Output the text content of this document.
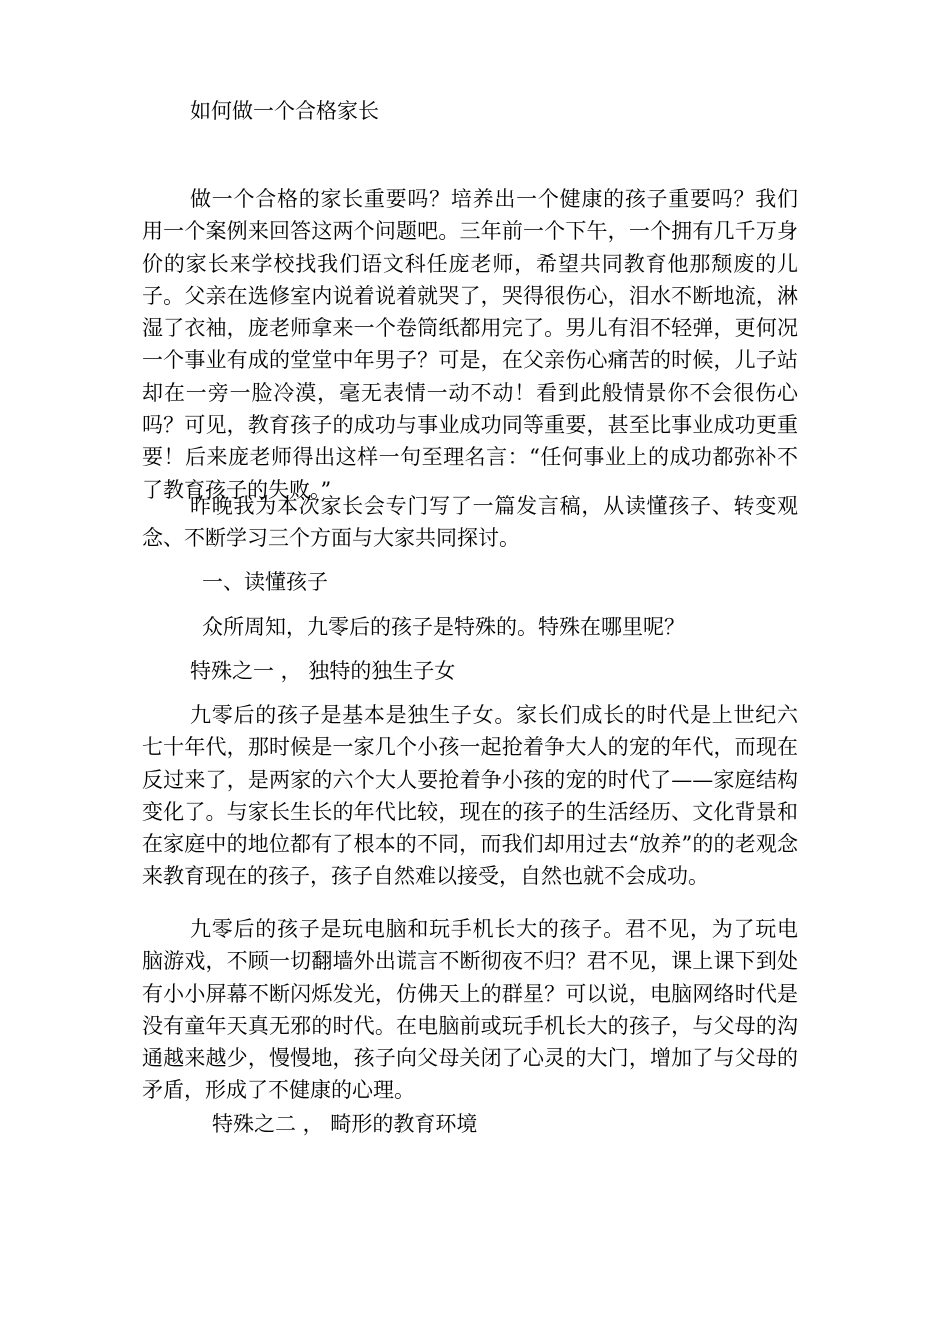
如何做一个合格家长

做一个合格的家长重要吗？培养出一个健康的孩子重要吗？我们用一个案例来回答这两个问题吧。三年前一个下午，一个拥有几千万身价的家长来学校找我们语文科任庞老师，希望共同教育他那颓废的儿子。父亲在选修室内说着说着就哭了，哭得很伤心，泪水不断地流，淋湿了衣袖，庞老师拿来一个卷筒纸都用完了。男儿有泪不轻弹，更何况一个事业有成的堂堂中年男子？可是，在父亲伤心痛苦的时候，儿子站却在一旁一脸冷漠，毫无表情一动不动！看到此般情景你不会很伤心吗？可见，教育孩子的成功与事业成功同等重要，甚至比事业成功更重要！后来庞老师得出这样一句至理名言：“任何事业上的成功都弥补不了教育孩子的失败。”

昨晚我为本次家长会专门写了一篇发言稿，从读懂孩子、转变观念、不断学习三个方面与大家共同探讨。

一、读懂孩子
众所周知，九零后的孩子是特殊的。特殊在哪里呢？
特殊之一 ， 独特的独生子女

九零后的孩子是基本是独生子女。家长们成长的时代是上世纪六七十年代，那时候是一家几个小孩一起抢着争大人的宠的年代，而现在反过来了，是两家的六个大人要抢着争小孩的宠的时代了——家庭结构变化了。与家长生长的年代比较，现在的孩子的生活经历、文化背景和在家庭中的地位都有了根本的不同，而我们却用过去“放养”的的老观念来教育现在的孩子，孩子自然难以接受，自然也就不会成功。

九零后的孩子是玩电脑和玩手机长大的孩子。君不见，为了玩电脑游戏，不顾一切翻墙外出谎言不断彻夜不归？君不见，课上课下到处有小小屏幕不断闪烁发光，仿佛天上的群星？可以说，电脑网络时代是没有童年天真无邪的时代。在电脑前或玩手机长大的孩子，与父母的沟通越来越少，慢慢地，孩子向父母关闭了心灵的大门，增加了与父母的矛盾，形成了不健康的心理。

特殊之二 ， 畸形的教育环境
